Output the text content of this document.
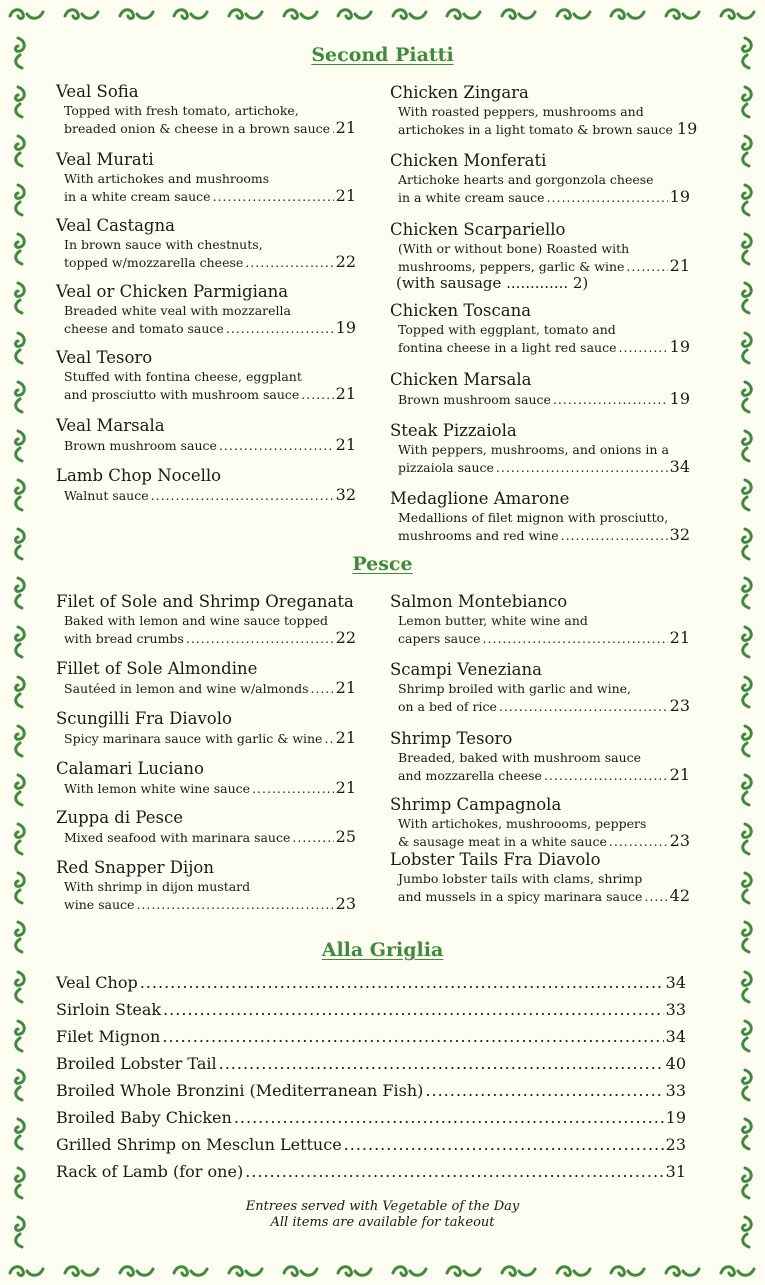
Second Piatti
Pesce
Alla Griglia
Veal Sofia
Topped with fresh tomato, artichoke,
breaded onion & cheese in a brown sauce ..... 21
Veal Murati
With artichokes and mushrooms
in a white cream sauce .....	21
Veal Castagna
In brown sauce with chestnuts,
topped w/mozzarella cheese .....	22
Veal or Chicken Parmigiana
Breaded white veal with mozzarella
cheese and tomato sauce .....	19
Veal Tesoro
Stuffed with fontina cheese, eggplant
and prosciutto with mushroom sauce ..... 21
Veal Marsala
Brown mushroom sauce .....	21
Lamb Chop Nocello
Walnut sauce .....	32
Chicken Zingara
With roasted peppers, mushrooms and
artichokes in a light tomato & brown sauce 19
Chicken Monferati
Artichoke hearts and gorgonzola cheese
in a white cream sauce .....	19
Chicken Scarpariello
(With or without bone) Roasted with
mushrooms, peppers, garlic & wine .....	21
(with sausage ............. 2)
Chicken Toscana
Topped with eggplant, tomato and
fontina cheese in a light red sauce .....	19
Chicken Marsala
Brown mushroom sauce .....	19
Steak Pizzaiola
With peppers, mushrooms, and onions in a
pizzaiola sauce .....	34
Medaglione Amarone
Medallions of filet mignon with prosciutto,
mushrooms and red wine .....	32
Filet of Sole and Shrimp Oreganata
Baked with lemon and wine sauce topped
with bread crumbs .....	22
Fillet of Sole Almondine
Sautéed in lemon and wine w/almonds ..... 21
Scungilli Fra Diavolo
Spicy marinara sauce with garlic & wine ..... 21
Calamari Luciano
With lemon white wine sauce .....	21
Zuppa di Pesce
Mixed seafood with marinara sauce .....	25
Red Snapper Dijon
With shrimp in dijon mustard
wine sauce .....	23
Salmon Montebianco
Lemon butter, white wine and
capers sauce .....	21
Scampi Veneziana
Shrimp broiled with garlic and wine,
on a bed of rice .....	23
Shrimp Tesoro
Breaded, baked with mushroom sauce
and mozzarella cheese .....	21
Shrimp Campagnola
With artichokes, mushroooms, peppers
& sausage meat in a white sauce .....	23
Lobster Tails Fra Diavolo
Jumbo lobster tails with clams, shrimp
and mussels in a spicy marinara sauce ..... 42
Veal Chop .....	34
Sirloin Steak .....	33
Filet Mignon .....	34
Broiled Lobster Tail .....	40
Broiled Whole Bronzini (Mediterranean Fish) .....	33
Broiled Baby Chicken .....	19
Grilled Shrimp on Mesclun Lettuce .....	23
Rack of Lamb (for one) .....	31
Entrees served with Vegetable of the Day
All items are available for takeout
